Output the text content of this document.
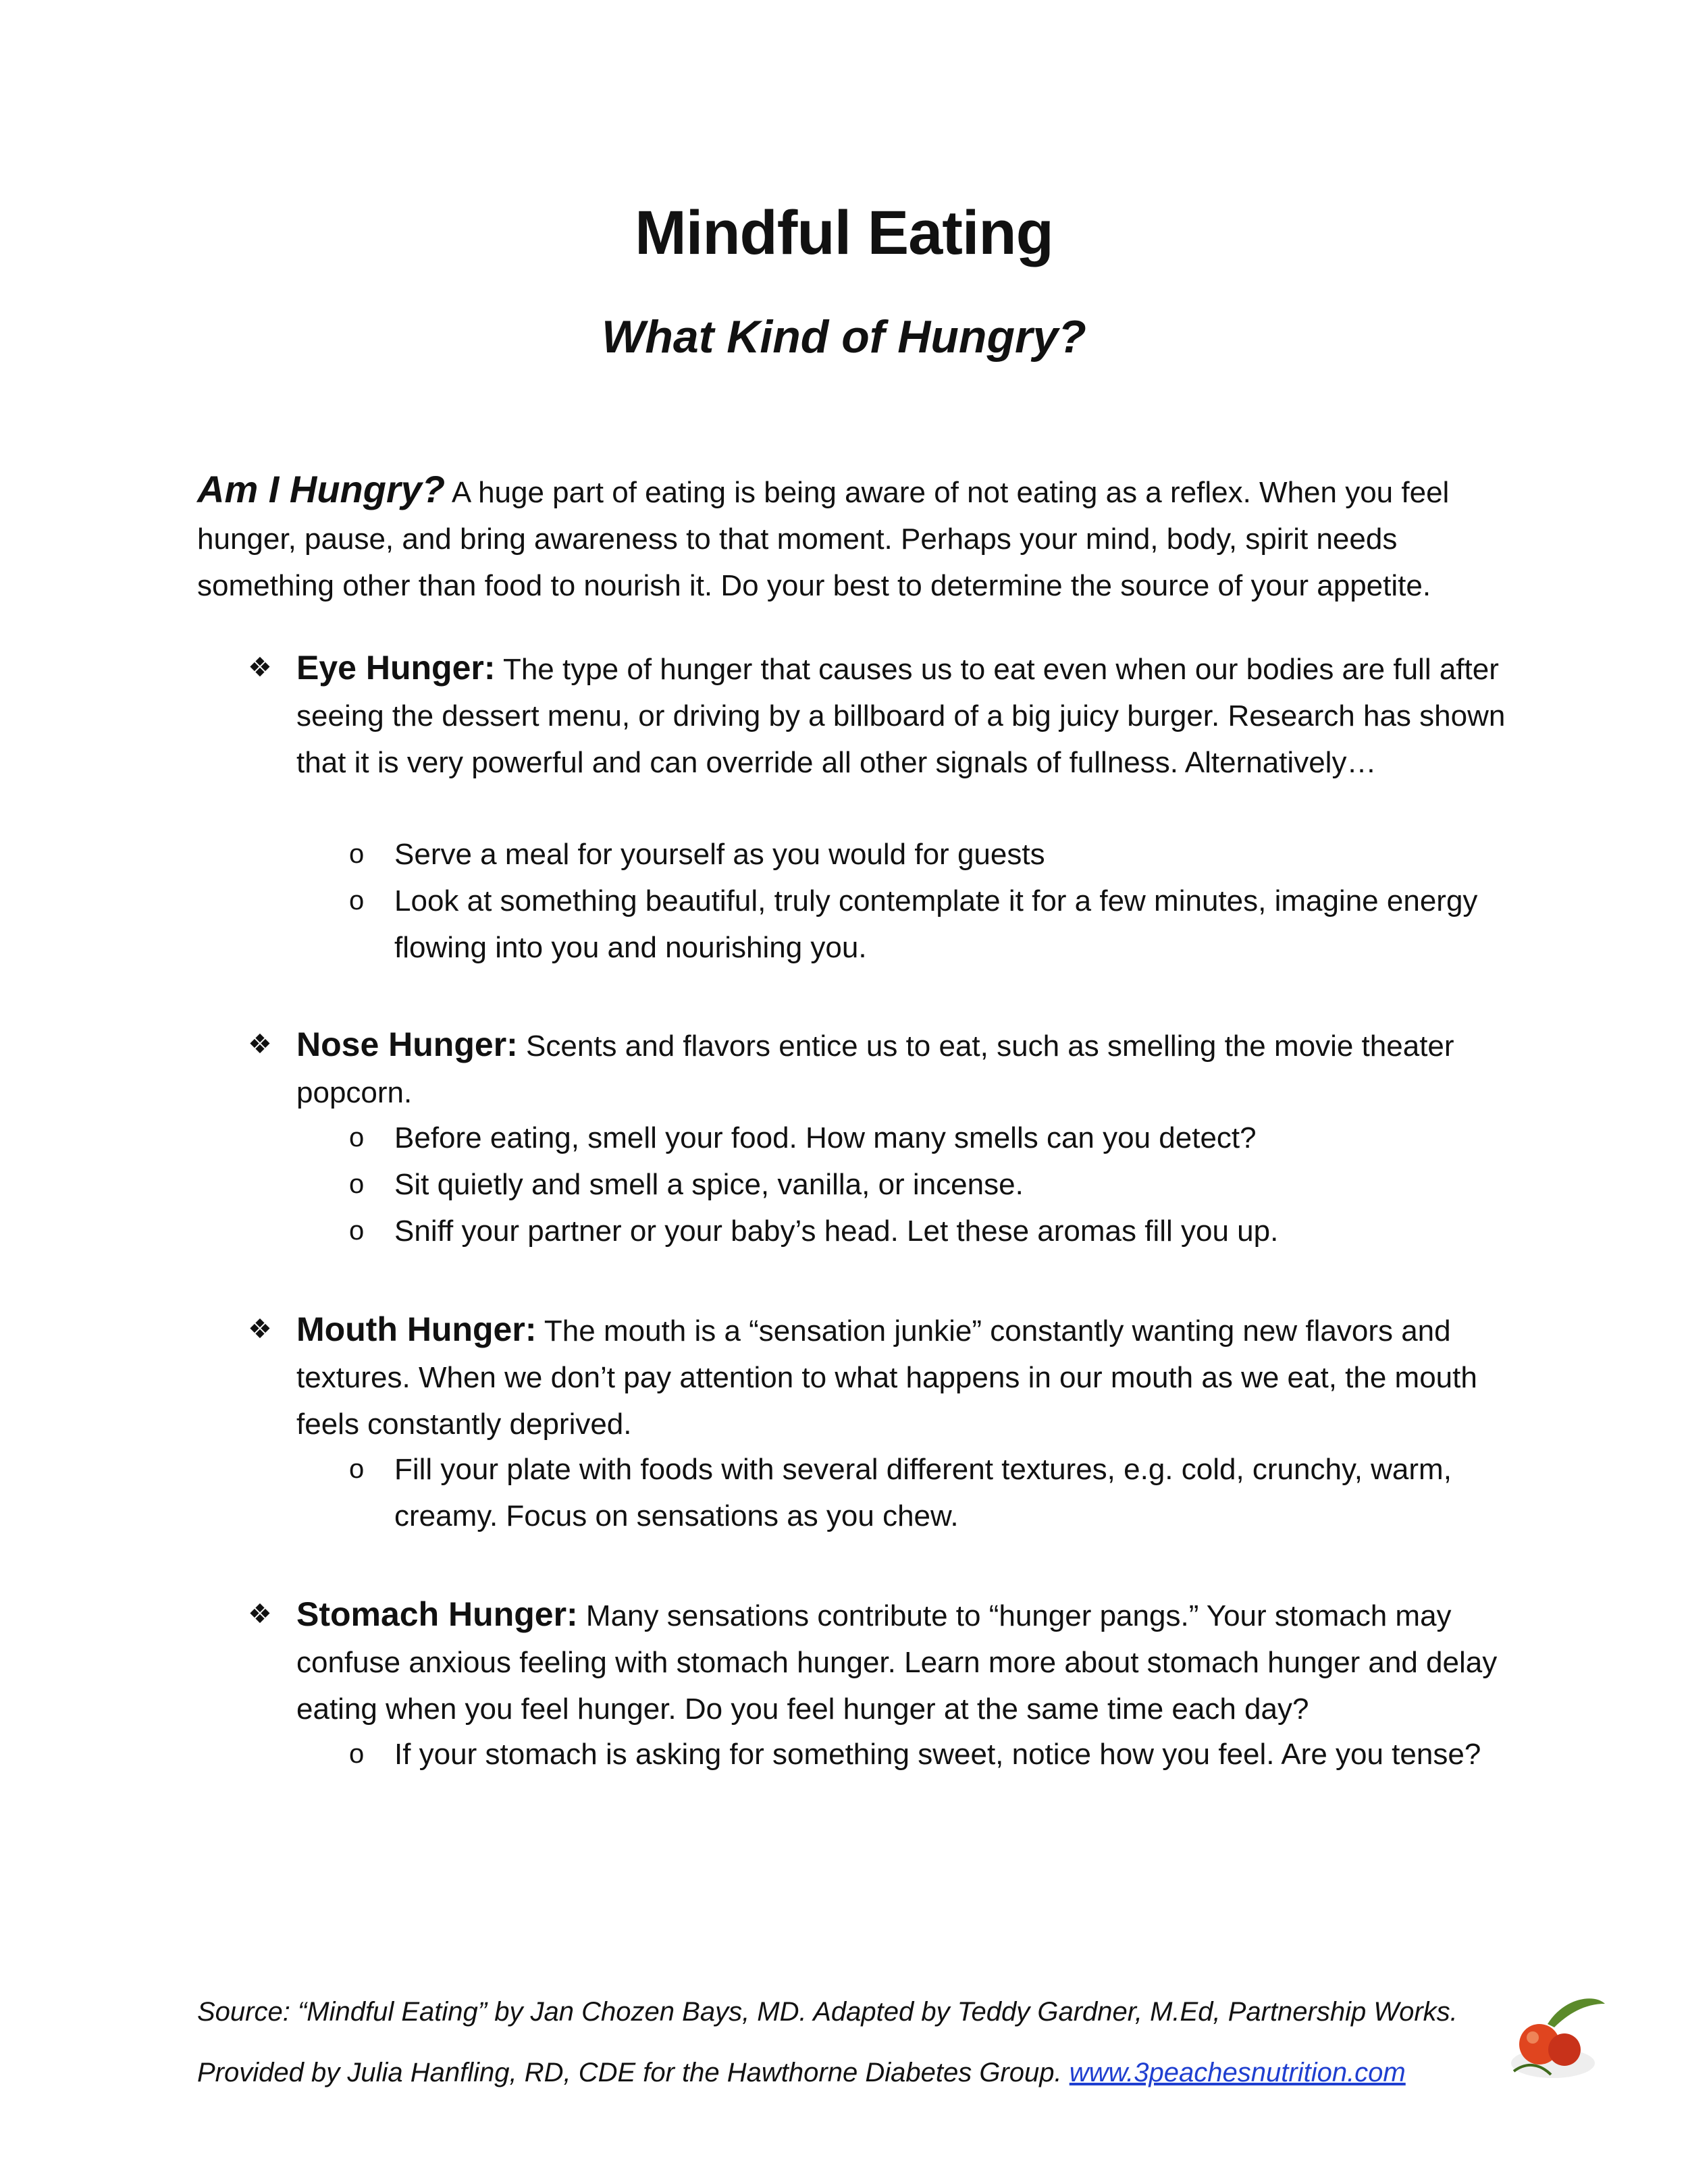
Mindful Eating
What Kind of Hungry?
Am I Hungry? A huge part of eating is being aware of not eating as a reflex. When you feel hunger, pause, and bring awareness to that moment. Perhaps your mind, body, spirit needs something other than food to nourish it. Do your best to determine the source of your appetite.
❖ Eye Hunger: The type of hunger that causes us to eat even when our bodies are full after seeing the dessert menu, or driving by a billboard of a big juicy burger. Research has shown that it is very powerful and can override all other signals of fullness. Alternatively…
o Serve a meal for yourself as you would for guests
o Look at something beautiful, truly contemplate it for a few minutes, imagine energy flowing into you and nourishing you.
❖ Nose Hunger: Scents and flavors entice us to eat, such as smelling the movie theater popcorn.
o Before eating, smell your food. How many smells can you detect?
o Sit quietly and smell a spice, vanilla, or incense.
o Sniff your partner or your baby’s head. Let these aromas fill you up.
❖ Mouth Hunger: The mouth is a “sensation junkie” constantly wanting new flavors and textures. When we don’t pay attention to what happens in our mouth as we eat, the mouth feels constantly deprived.
o Fill your plate with foods with several different textures, e.g. cold, crunchy, warm, creamy. Focus on sensations as you chew.
❖ Stomach Hunger: Many sensations contribute to “hunger pangs.” Your stomach may confuse anxious feeling with stomach hunger. Learn more about stomach hunger and delay eating when you feel hunger. Do you feel hunger at the same time each day?
o If your stomach is asking for something sweet, notice how you feel. Are you tense?
Source: “Mindful Eating” by Jan Chozen Bays, MD. Adapted by Teddy Gardner, M.Ed, Partnership Works.
Provided by Julia Hanfling, RD, CDE for the Hawthorne Diabetes Group. www.3peachesnutrition.com
